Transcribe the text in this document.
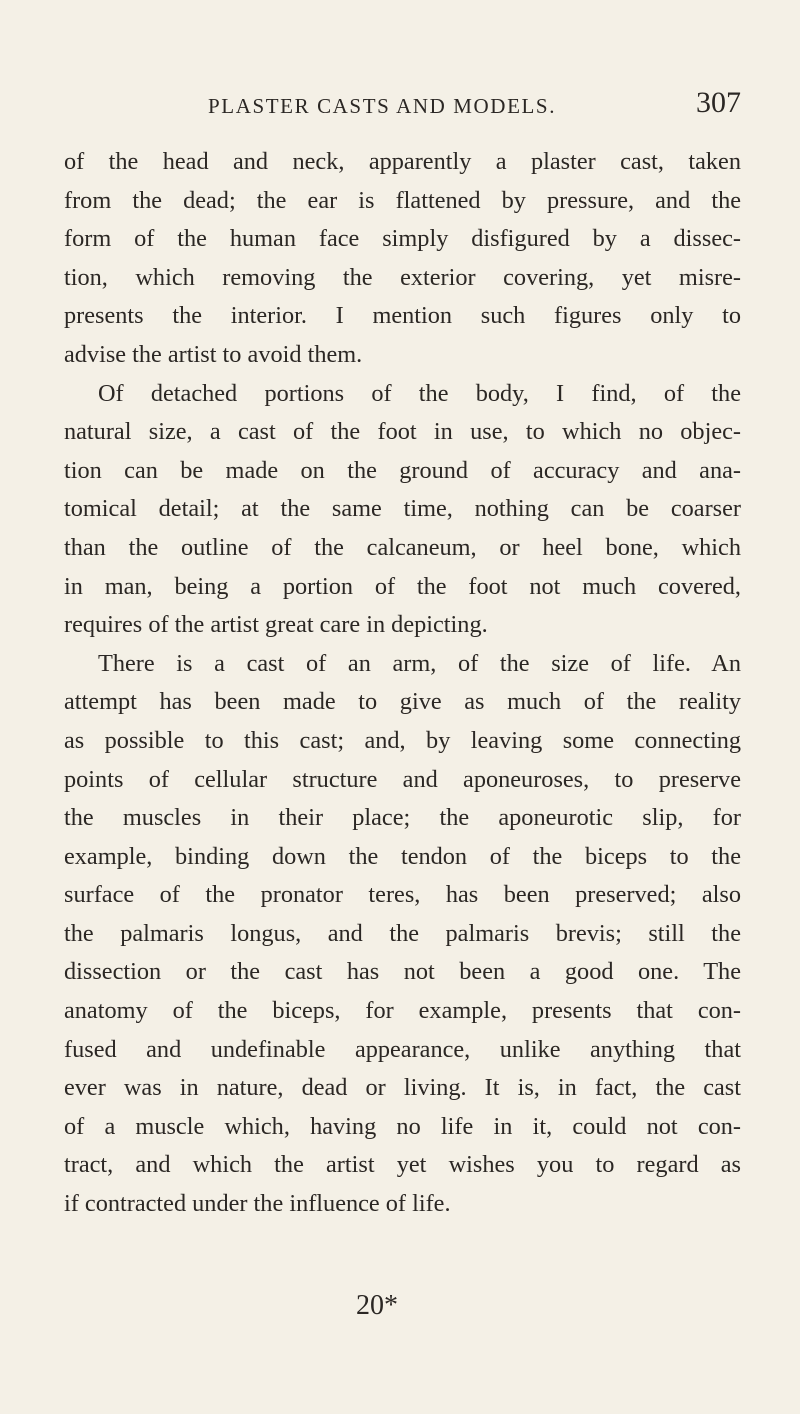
PLASTER CASTS AND MODELS.	307
of the head and neck, apparently a plaster cast, taken
from the dead; the ear is flattened by pressure, and the
form of the human face simply disfigured by a dissec-
tion, which removing the exterior covering, yet misre-
presents the interior. I mention such figures only to
advise the artist to avoid them.
Of detached portions of the body, I find, of the
natural size, a cast of the foot in use, to which no objec-
tion can be made on the ground of accuracy and ana-
tomical detail; at the same time, nothing can be coarser
than the outline of the calcaneum, or heel bone, which
in man, being a portion of the foot not much covered,
requires of the artist great care in depicting.
There is a cast of an arm, of the size of life. An
attempt has been made to give as much of the reality
as possible to this cast; and, by leaving some connecting
points of cellular structure and aponeuroses, to preserve
the muscles in their place; the aponeurotic slip, for
example, binding down the tendon of the biceps to the
surface of the pronator teres, has been preserved; also
the palmaris longus, and the palmaris brevis; still the
dissection or the cast has not been a good one. The
anatomy of the biceps, for example, presents that con-
fused and undefinable appearance, unlike anything that
ever was in nature, dead or living. It is, in fact, the cast
of a muscle which, having no life in it, could not con-
tract, and which the artist yet wishes you to regard as
if contracted under the influence of life.
20*
